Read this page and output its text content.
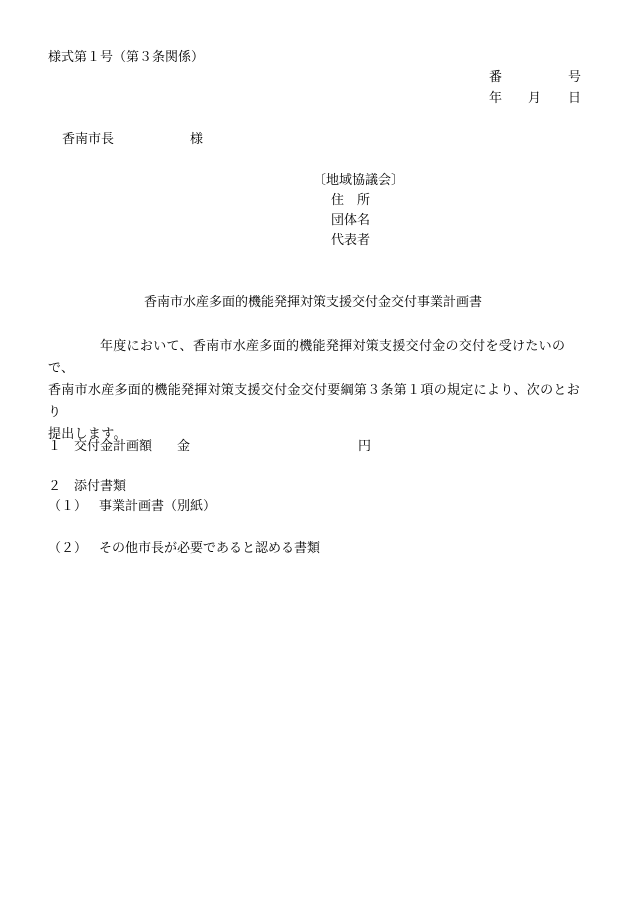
様式第１号（第３条関係）
番	号
年 月 日
香南市長	様
〔地域協議会〕
住　所
団体名
代表者
香南市水産多面的機能発揮対策支援交付金交付事業計画書
年度において、香南市水産多面的機能発揮対策支援交付金の交付を受けたいので、
香南市水産多面的機能発揮対策支援交付金交付要綱第３条第１項の規定により、次のとおり
提出します。
１ 交付金計画額 金	円
２ 添付書類
（１） 事業計画書（別紙）
（２） その他市長が必要であると認める書類
